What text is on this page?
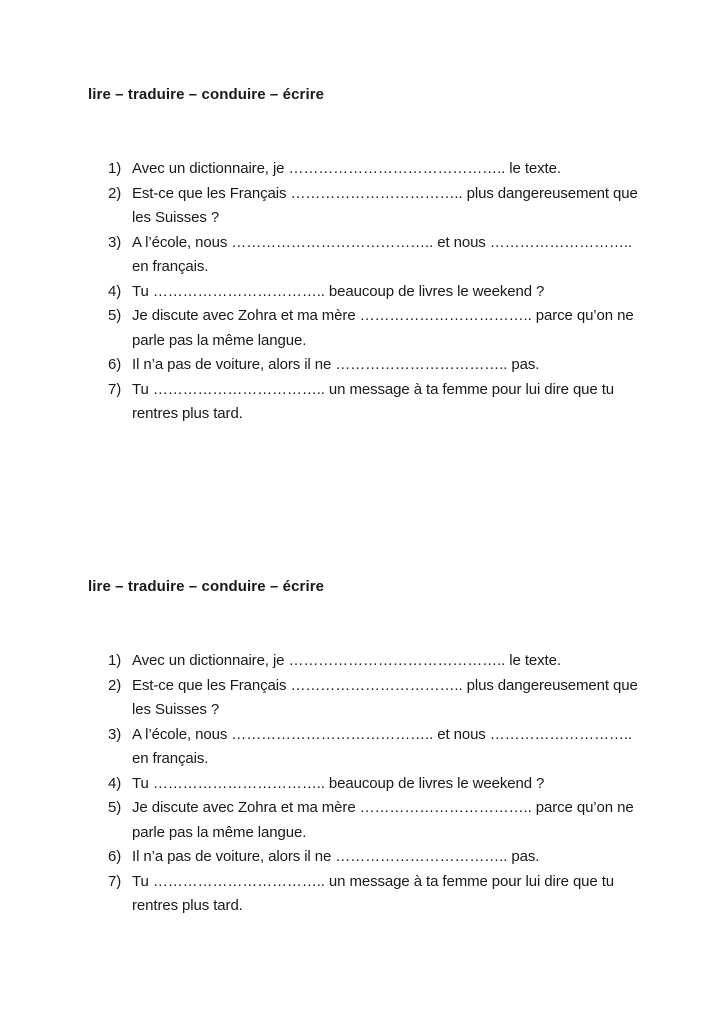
lire – traduire – conduire – écrire
1) Avec un dictionnaire, je …………………………………….. le texte.
2) Est-ce que les Français …………………………….. plus dangereusement que
les Suisses ?
3) A l’école, nous ………………………………….. et nous ………………………..
en français.
4) Tu …………………………….. beaucoup de livres le weekend ?
5) Je discute avec Zohra et ma mère …………………………….. parce qu’on ne
parle pas la même langue.
6) Il n’a pas de voiture, alors il ne …………………………….. pas.
7) Tu …………………………….. un message à ta femme pour lui dire que tu
rentres plus tard.
lire – traduire – conduire – écrire
1) Avec un dictionnaire, je …………………………………….. le texte.
2) Est-ce que les Français …………………………….. plus dangereusement que
les Suisses ?
3) A l’école, nous ………………………………….. et nous ………………………..
en français.
4) Tu …………………………….. beaucoup de livres le weekend ?
5) Je discute avec Zohra et ma mère …………………………….. parce qu’on ne
parle pas la même langue.
6) Il n’a pas de voiture, alors il ne …………………………….. pas.
7) Tu …………………………….. un message à ta femme pour lui dire que tu
rentres plus tard.
